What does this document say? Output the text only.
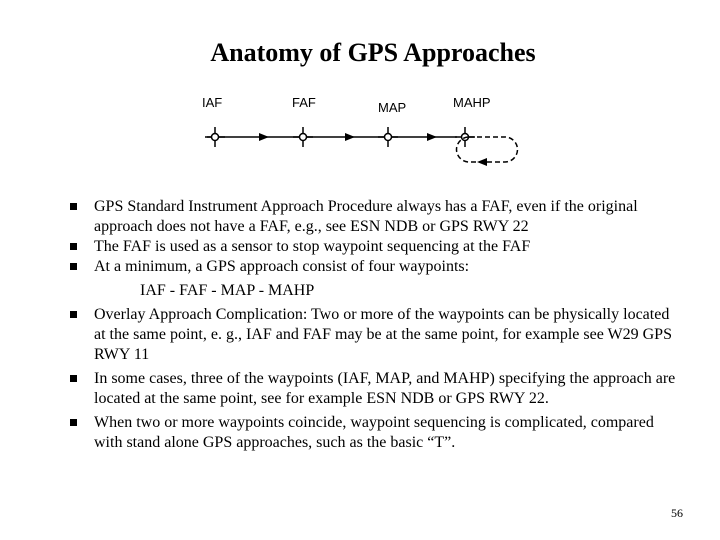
Anatomy of GPS Approaches
IAF	FAF	MAP	MAHP
GPS Standard Instrument Approach Procedure always has a FAF, even if the original approach does not have a FAF, e.g., see ESN NDB or GPS RWY 22
The FAF is used as a sensor to stop waypoint sequencing at the FAF
At a minimum, a GPS approach consist of four waypoints:
IAF - FAF - MAP - MAHP
Overlay Approach Complication: Two or more of the waypoints can be physically located at the same point, e. g., IAF and FAF may be at the same point, for example see W29 GPS RWY 11
In some cases, three of the waypoints (IAF, MAP, and MAHP) specifying the approach are located at the same point, see for example ESN NDB or GPS RWY 22.
When two or more waypoints coincide, waypoint sequencing is complicated, compared with stand alone GPS approaches, such as the basic “T”.
56
